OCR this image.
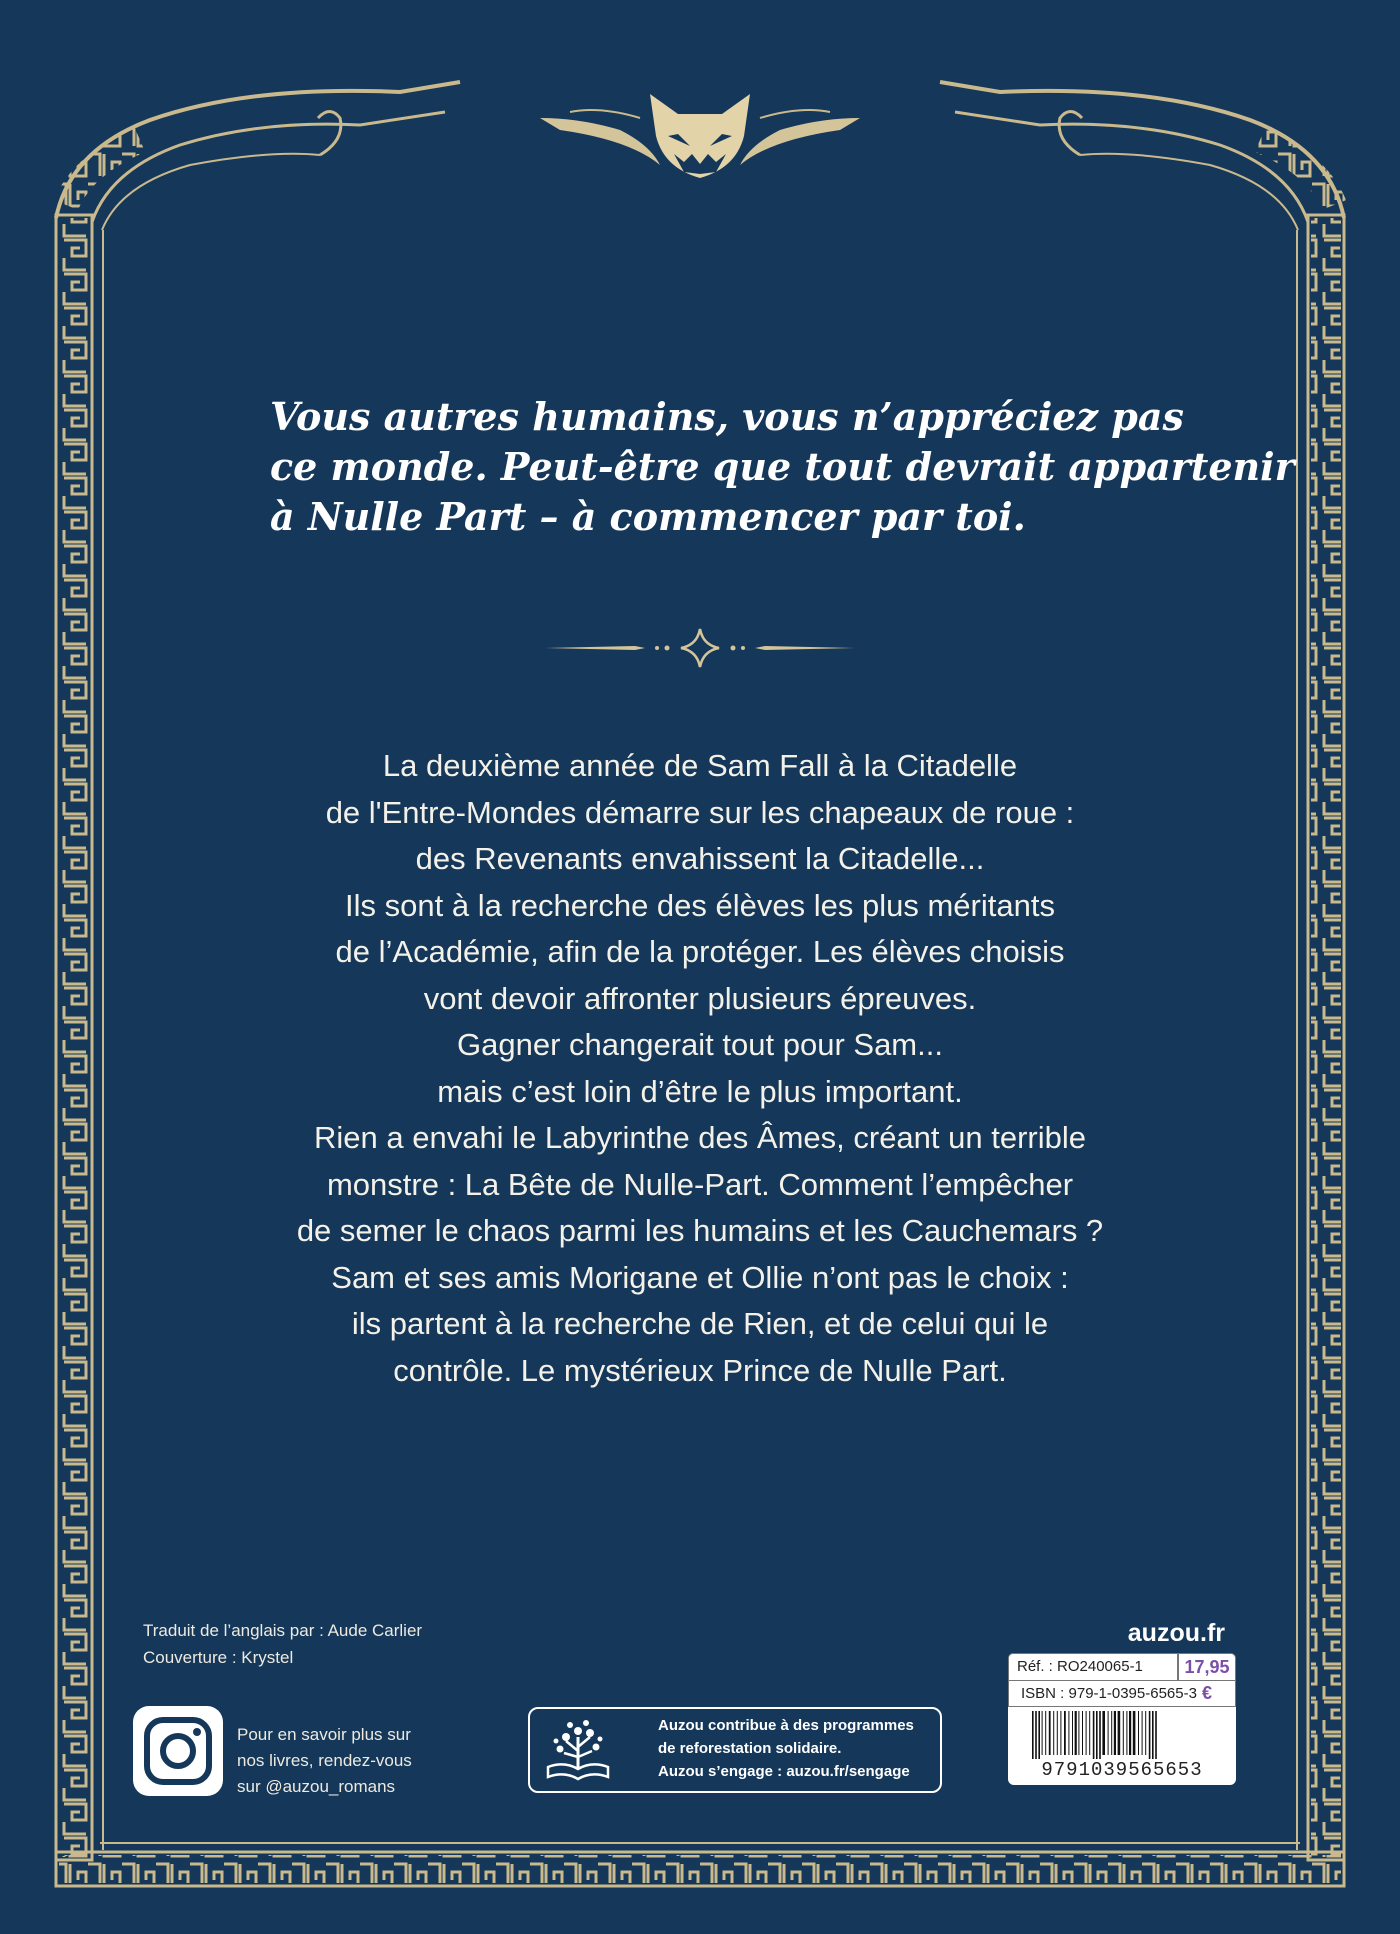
Vous autres humains, vous n’appréciez pas
ce monde. Peut-être que tout devrait appartenir
à Nulle Part – à commencer par toi.
La deuxième année de Sam Fall à la Citadelle
de l'Entre-Mondes démarre sur les chapeaux de roue :
des Revenants envahissent la Citadelle...
Ils sont à la recherche des élèves les plus méritants
de l’Académie, afin de la protéger. Les élèves choisis
vont devoir affronter plusieurs épreuves.
Gagner changerait tout pour Sam...
mais c’est loin d’être le plus important.
Rien a envahi le Labyrinthe des Âmes, créant un terrible
monstre : La Bête de Nulle-Part. Comment l’empêcher
de semer le chaos parmi les humains et les Cauchemars ?
Sam et ses amis Morigane et Ollie n’ont pas le choix :
ils partent à la recherche de Rien, et de celui qui le
contrôle. Le mystérieux Prince de Nulle Part.
Traduit de l’anglais par : Aude Carlier
Couverture : Krystel
Pour en savoir plus sur
nos livres, rendez-vous
sur @auzou_romans
Auzou contribue à des programmes
de reforestation solidaire.
Auzou s’engage : auzou.fr/sengage
auzou.fr
Réf. : RO240065-1	17,95 €
ISBN : 979-1-0395-6565-3
9791039565653
